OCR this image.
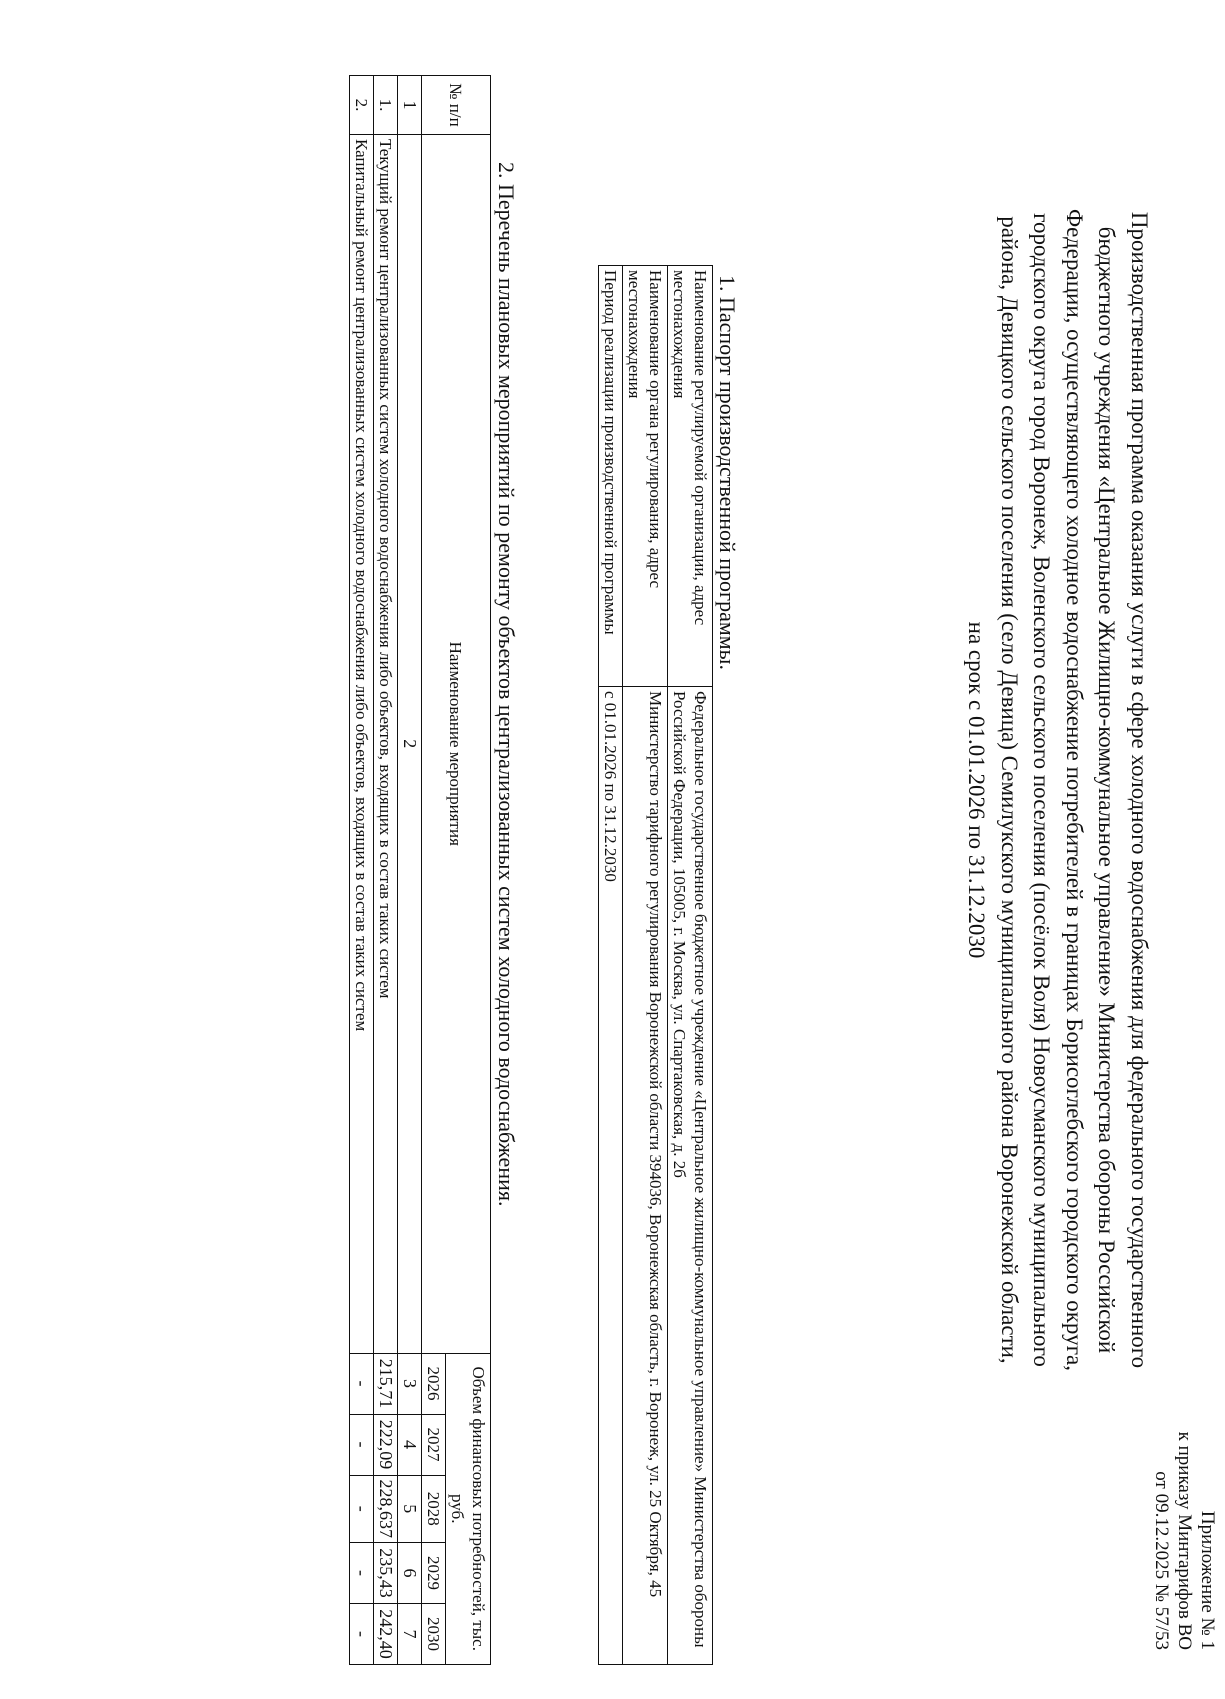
Приложение № 1
к приказу Минтарифов ВО
от 09.12.2025 № 57/53
Производственная программа оказания услуги в сфере холодного водоснабжения для федерального государственного
бюджетного учреждения «Центральное Жилищно-коммунальное управление» Министерства обороны Российской
Федерации, осуществляющего холодное водоснабжение потребителей в границах Борисоглебского городского округа,
городского округа город Воронеж, Воленского сельского поселения (посёлок Воля) Новоусманского муниципального
района, Девицкого сельского поселения (село Девица) Семилукского муниципального района Воронежской области,
на срок с 01.01.2026 по 31.12.2030
1. Паспорт производственной программы.
Наименование регулируемой организации, адрес местонахождения	Федеральное государственное бюджетное учреждение «Центральное жилищно-коммунальное управление» Министерства обороны Российской Федерации, 105005, г. Москва, ул. Спартаковская, д. 2б
Наименование органа регулирования, адрес местонахождения	Министерство тарифного регулирования Воронежской области 394036, Воронежская область, г. Воронеж, ул. 25 Октября, 45
Период реализации производственной программы	с 01.01.2026 по 31.12.2030
2. Перечень плановых мероприятий по ремонту объектов централизованных систем холодного водоснабжения.
№ п/п	Наименование мероприятия	Объем финансовых потребностей, тыс. руб.				
		2026	2027	2028	2029	2030
1	2	3	4	5	6	7
1.	Текущий ремонт централизованных систем холодного водоснабжения либо объектов, входящих в состав таких систем	215,71	222,09	228,637	235,43	242,40
2.	Капитальный ремонт централизованных систем холодного водоснабжения либо объектов, входящих в состав таких систем	-	-	-	-	-
